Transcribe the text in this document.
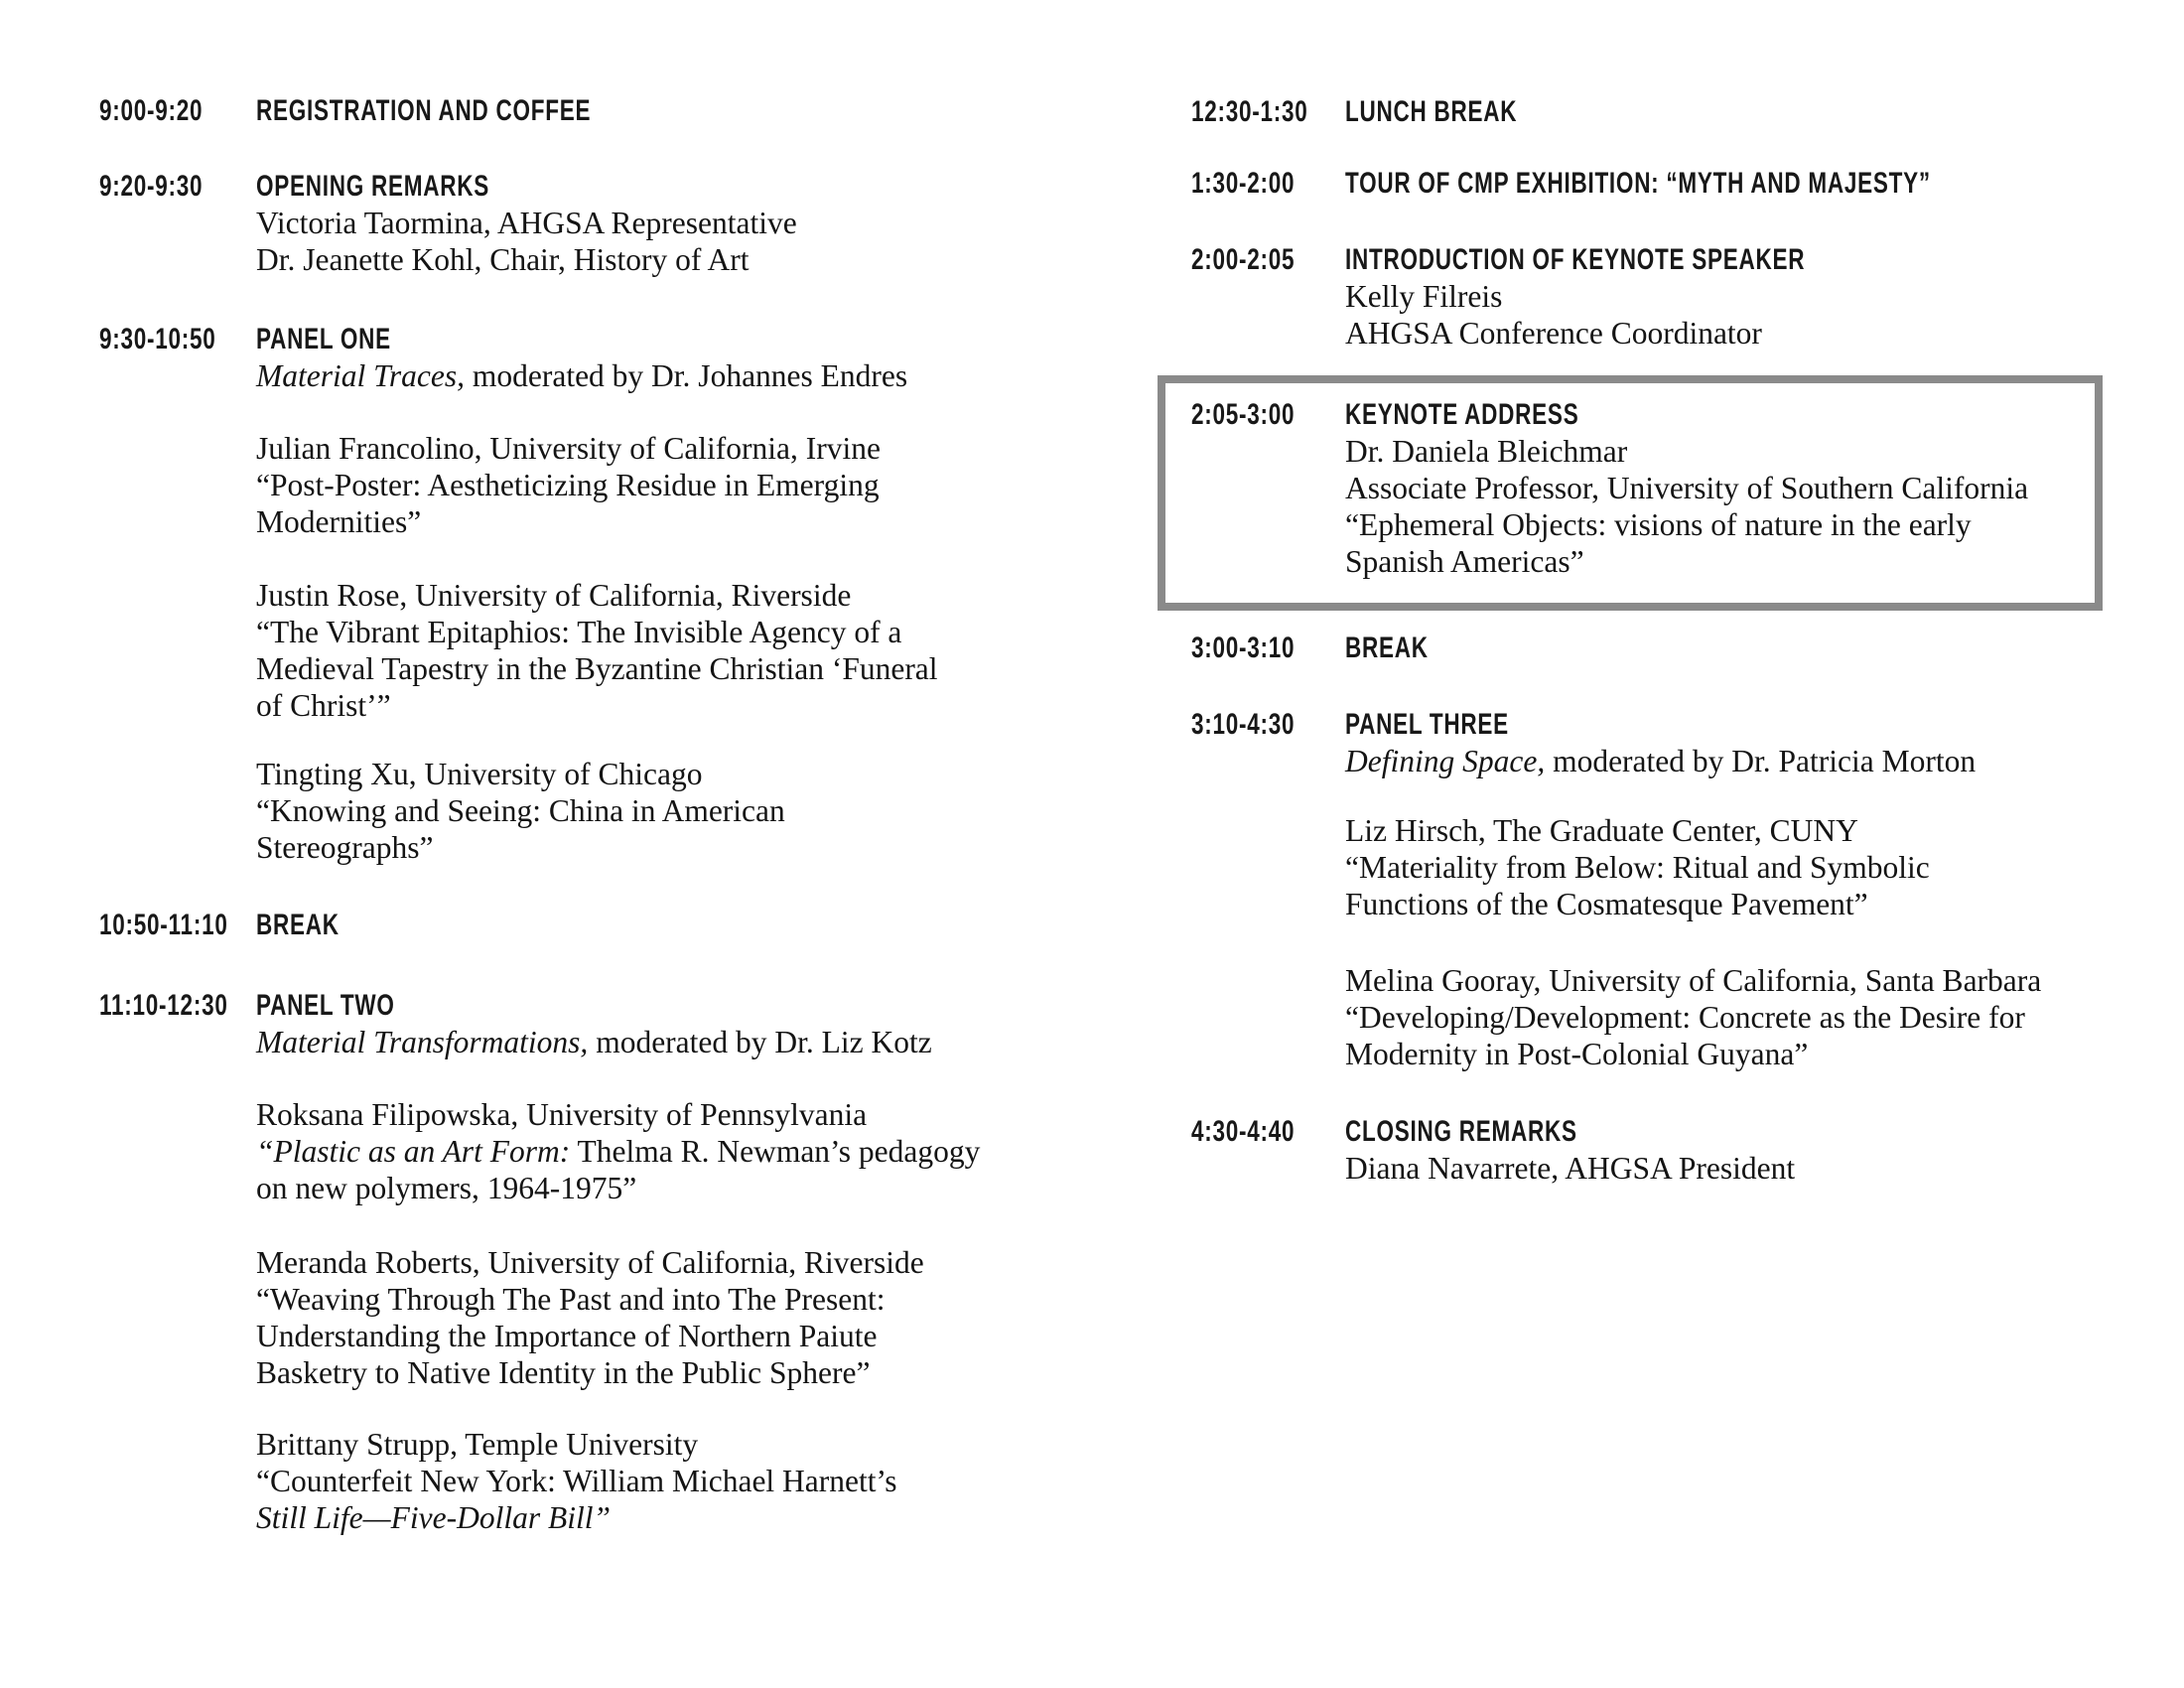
9:00-9:20	REGISTRATION AND COFFEE
9:20-9:30	OPENING REMARKS
Victoria Taormina, AHGSA Representative
Dr. Jeanette Kohl, Chair, History of Art
9:30-10:50 PANEL ONE
Material Traces, moderated by Dr. Johannes Endres
Julian Francolino, University of California, Irvine
“Post-Poster: Aestheticizing Residue in Emerging
Modernities”
Justin Rose, University of California, Riverside
“The Vibrant Epitaphios: The Invisible Agency of a
Medieval Tapestry in the Byzantine Christian ‘Funeral
of Christ’”
Tingting Xu, University of Chicago
“Knowing and Seeing: China in American
Stereographs”
10:50-11:10 BREAK
11:10-12:30 PANEL TWO
Material Transformations, moderated by Dr. Liz Kotz
Roksana Filipowska, University of Pennsylvania
“Plastic as an Art Form: Thelma R. Newman’s pedagogy
on new polymers, 1964-1975”
Meranda Roberts, University of California, Riverside
“Weaving Through The Past and into The Present:
Understanding the Importance of Northern Paiute
Basketry to Native Identity in the Public Sphere”
Brittany Strupp, Temple University
“Counterfeit New York: William Michael Harnett’s
Still Life—Five-Dollar Bill”
12:30-1:30 LUNCH BREAK
1:30-2:00	TOUR OF CMP EXHIBITION: “MYTH AND MAJESTY”
2:00-2:05	INTRODUCTION OF KEYNOTE SPEAKER
Kelly Filreis
AHGSA Conference Coordinator
2:05-3:00	KEYNOTE ADDRESS
Dr. Daniela Bleichmar
Associate Professor, University of Southern California
“Ephemeral Objects: visions of nature in the early
Spanish Americas”
3:00-3:10	BREAK
3:10-4:30	PANEL THREE
Defining Space, moderated by Dr. Patricia Morton
Liz Hirsch, The Graduate Center, CUNY
“Materiality from Below: Ritual and Symbolic
Functions of the Cosmatesque Pavement”
Melina Gooray, University of California, Santa Barbara
“Developing/Development: Concrete as the Desire for
Modernity in Post-Colonial Guyana”
4:30-4:40	CLOSING REMARKS
Diana Navarrete, AHGSA President
